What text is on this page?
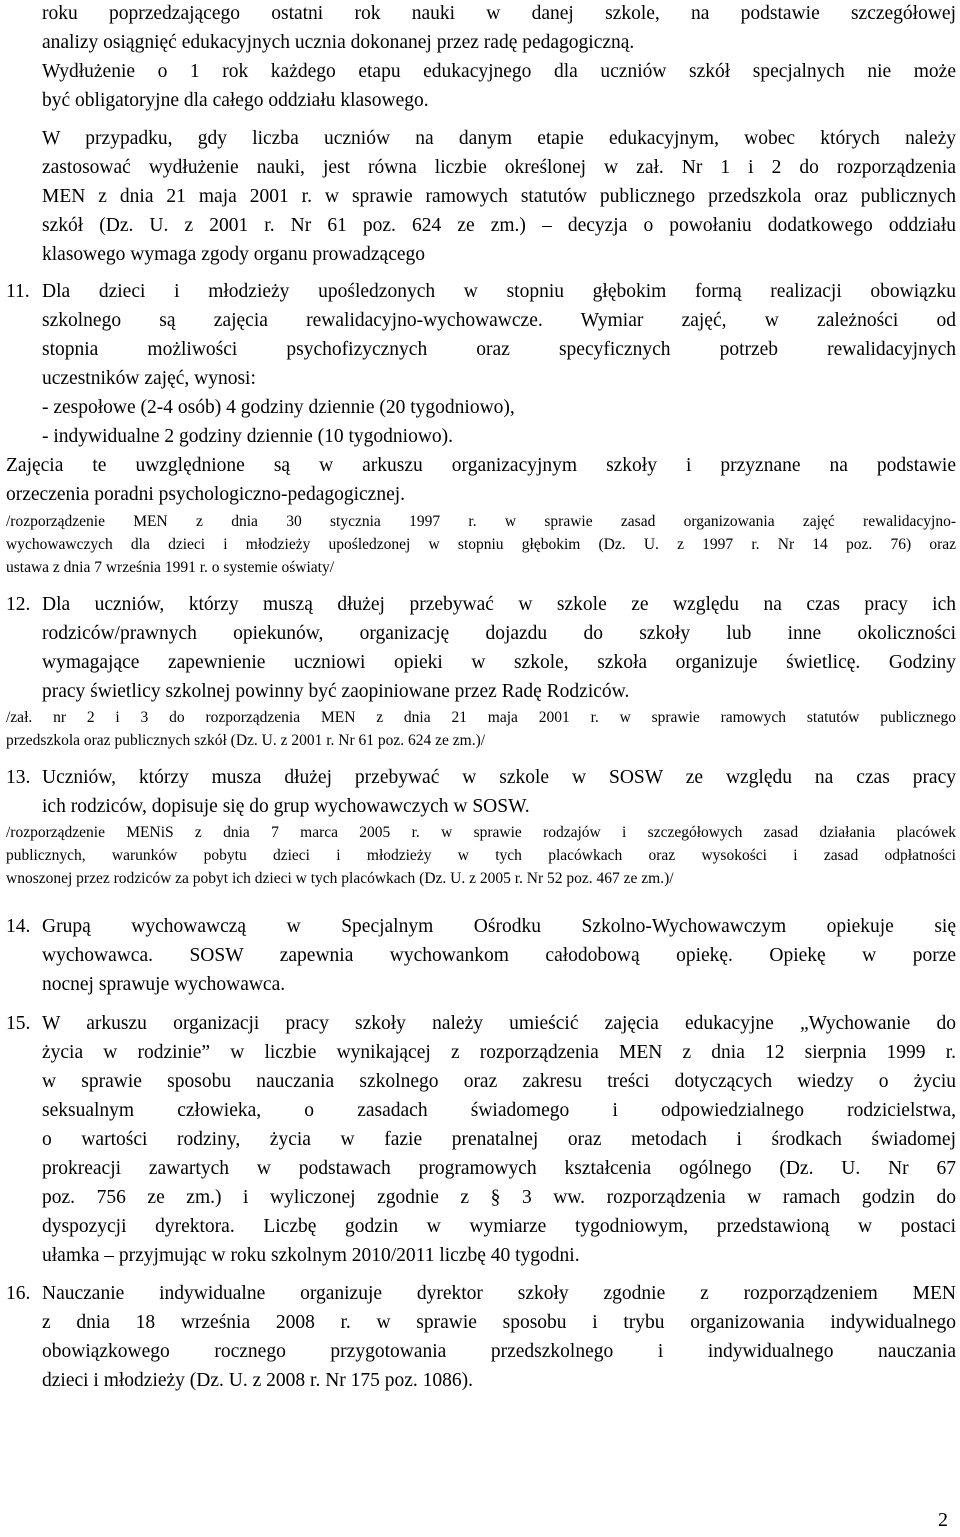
roku poprzedzającego ostatni rok nauki w danej szkole, na podstawie szczegółowej
analizy osiągnięć edukacyjnych ucznia dokonanej przez radę pedagogiczną.
Wydłużenie o 1 rok każdego etapu edukacyjnego dla uczniów szkół specjalnych nie może
być obligatoryjne dla całego oddziału klasowego.
W przypadku, gdy liczba uczniów na danym etapie edukacyjnym, wobec których należy
zastosować wydłużenie nauki, jest równa liczbie określonej w zał. Nr 1 i 2 do rozporządzenia
MEN z dnia 21 maja 2001 r. w sprawie ramowych statutów publicznego przedszkola oraz publicznych
szkół (Dz. U. z 2001 r. Nr 61 poz. 624 ze zm.) – decyzja o powołaniu dodatkowego oddziału
klasowego wymaga zgody organu prowadzącego
Dla dzieci i młodzieży upośledzonych w stopniu głębokim formą realizacji obowiązku
szkolnego są zajęcia rewalidacyjno-wychowawcze. Wymiar zajęć, w zależności od
stopnia możliwości psychofizycznych oraz specyficznych potrzeb rewalidacyjnych
uczestników zajęć, wynosi:
- zespołowe (2-4 osób) 4 godziny dziennie (20 tygodniowo),
- indywidualne 2 godziny dziennie (10 tygodniowo).
Zajęcia te uwzględnione są w arkuszu organizacyjnym szkoły i przyznane na podstawie
orzeczenia poradni psychologiczno-pedagogicznej.
/rozporządzenie MEN z dnia 30 stycznia 1997 r. w sprawie zasad organizowania zajęć rewalidacyjno-
wychowawczych dla dzieci i młodzieży upośledzonej w stopniu głębokim (Dz. U. z 1997 r. Nr 14 poz. 76) oraz
ustawa z dnia 7 września 1991 r. o systemie oświaty/
Dla uczniów, którzy muszą dłużej przebywać w szkole ze względu na czas pracy ich
rodziców/prawnych opiekunów, organizację dojazdu do szkoły lub inne okoliczności
wymagające zapewnienie uczniowi opieki w szkole, szkoła organizuje świetlicę. Godziny
pracy świetlicy szkolnej powinny być zaopiniowane przez Radę Rodziców.
/zał. nr 2 i 3 do rozporządzenia MEN z dnia 21 maja 2001 r. w sprawie ramowych statutów publicznego
przedszkola oraz publicznych szkół (Dz. U. z 2001 r. Nr 61 poz. 624 ze zm.)/
Uczniów, którzy musza dłużej przebywać w szkole w SOSW ze względu na czas pracy
ich rodziców, dopisuje się do grup wychowawczych w SOSW.
/rozporządzenie MENiS z dnia 7 marca 2005 r. w sprawie rodzajów i szczegółowych zasad działania placówek
publicznych, warunków pobytu dzieci i młodzieży w tych placówkach oraz wysokości i zasad odpłatności
wnoszonej przez rodziców za pobyt ich dzieci w tych placówkach (Dz. U. z 2005 r. Nr 52 poz. 467 ze zm.)/
Grupą wychowawczą w Specjalnym Ośrodku Szkolno-Wychowawczym opiekuje się
wychowawca. SOSW zapewnia wychowankom całodobową opiekę. Opiekę w porze
nocnej sprawuje wychowawca.
W arkuszu organizacji pracy szkoły należy umieścić zajęcia edukacyjne „Wychowanie do
życia w rodzinie” w liczbie wynikającej z rozporządzenia MEN z dnia 12 sierpnia 1999 r.
w sprawie sposobu nauczania szkolnego oraz zakresu treści dotyczących wiedzy o życiu
seksualnym człowieka, o zasadach świadomego i odpowiedzialnego rodzicielstwa,
o wartości rodziny, życia w fazie prenatalnej oraz metodach i środkach świadomej
prokreacji zawartych w podstawach programowych kształcenia ogólnego (Dz. U. Nr 67
poz. 756 ze zm.) i wyliczonej zgodnie z § 3 ww. rozporządzenia w ramach godzin do
dyspozycji dyrektora. Liczbę godzin w wymiarze tygodniowym, przedstawioną w postaci
ułamka – przyjmując w roku szkolnym 2010/2011 liczbę 40 tygodni.
Nauczanie indywidualne organizuje dyrektor szkoły zgodnie z rozporządzeniem MEN
z dnia 18 września 2008 r. w sprawie sposobu i trybu organizowania indywidualnego
obowiązkowego rocznego przygotowania przedszkolnego i indywidualnego nauczania
dzieci i młodzieży (Dz. U. z 2008 r. Nr 175 poz. 1086).
11.
12.
13.
14.
15.
16.
2
